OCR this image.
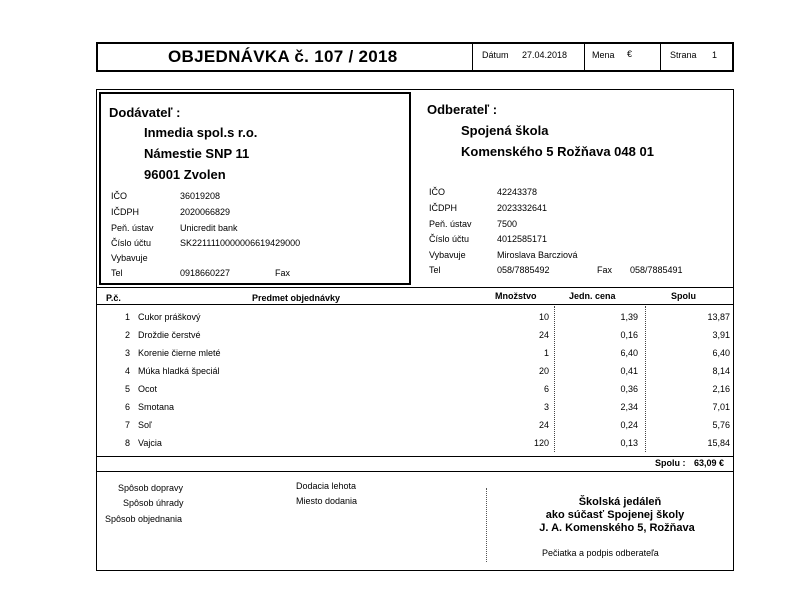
OBJEDNÁVKA č. 107 / 2018	Dátum 27.04.2018	Mena €	Strana 1
Dodávateľ :
Inmedia spol.s r.o.
Námestie SNP 11
96001 Zvolen
IČO	36019208
IČDPH	2020066829
Peň. ústav	Unicredit bank
Číslo účtu	SK2211110000006619429000
Vybavuje
Tel	0918660227	Fax
Odberateľ :
Spojená škola
Komenského 5 Rožňava 048 01
IČO	42243378
IČDPH	2023332641
Peň. ústav	7500
Číslo účtu	4012585171
Vybavuje	Miroslava Barcziová
Tel	058/7885492	Fax 058/7885491
P.č.	Predmet objednávky	Množstvo	Jedn. cena	Spolu
1 Cukor práškový	10	1,39	13,87
2 Droždie čerstvé	24	0,16	3,91
3 Korenie čierne mleté	1	6,40	6,40
4 Múka hladká špeciál	20	0,41	8,14
5 Ocot	6	0,36	2,16
6 Smotana	3	2,34	7,01
7 Soľ	24	0,24	5,76
8 Vajcia	120	0,13	15,84
Spolu : 63,09 €
Spôsob dopravy
Spôsob úhrady
Spôsob objednania
Dodacia lehota
Miesto dodania	Školská jedáleň
ako súčasť Spojenej školy
J. A. Komenského 5, Rožňava
Pečiatka a podpis odberateľa
